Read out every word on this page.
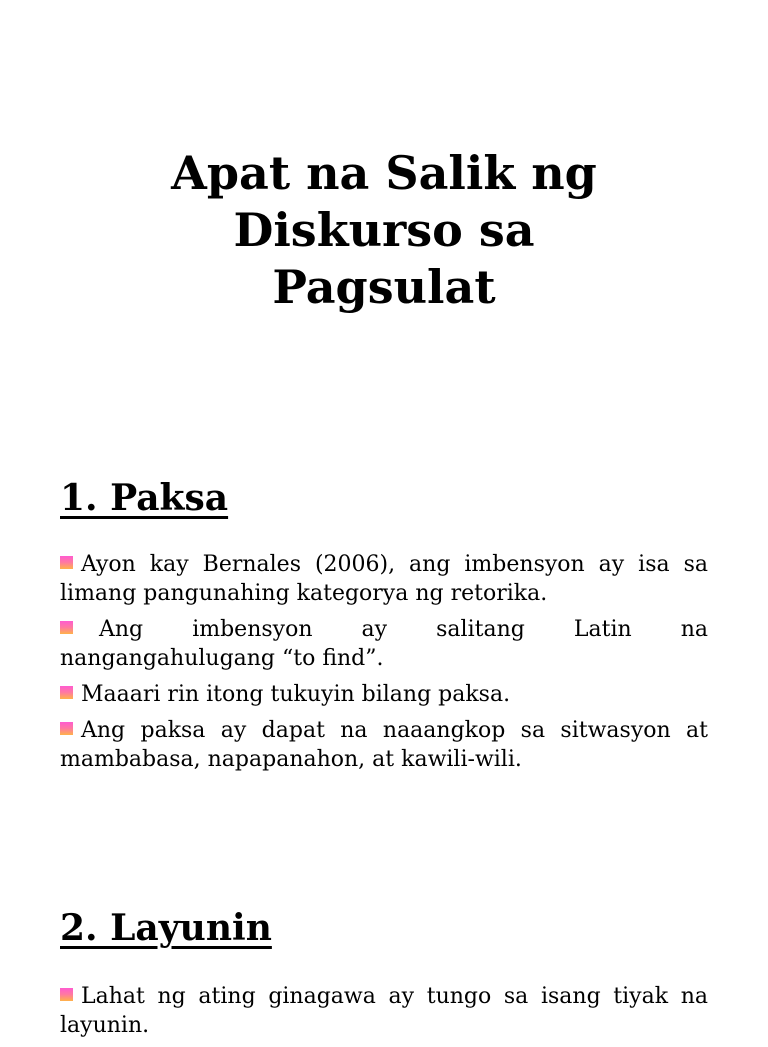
Apat na Salik ng
Diskurso sa
Pagsulat
1. Paksa
Ayon kay Bernales (2006), ang imbensyon ay isa sa limang pangunahing kategorya ng retorika.
Ang imbensyon ay salitang Latin na nangangahulugang “to find”.
Maaari rin itong tukuyin bilang paksa.
Ang paksa ay dapat na naaangkop sa sitwasyon at mambabasa, napapanahon, at kawili-wili.
2. Layunin
Lahat ng ating ginagawa ay tungo sa isang tiyak na layunin.
